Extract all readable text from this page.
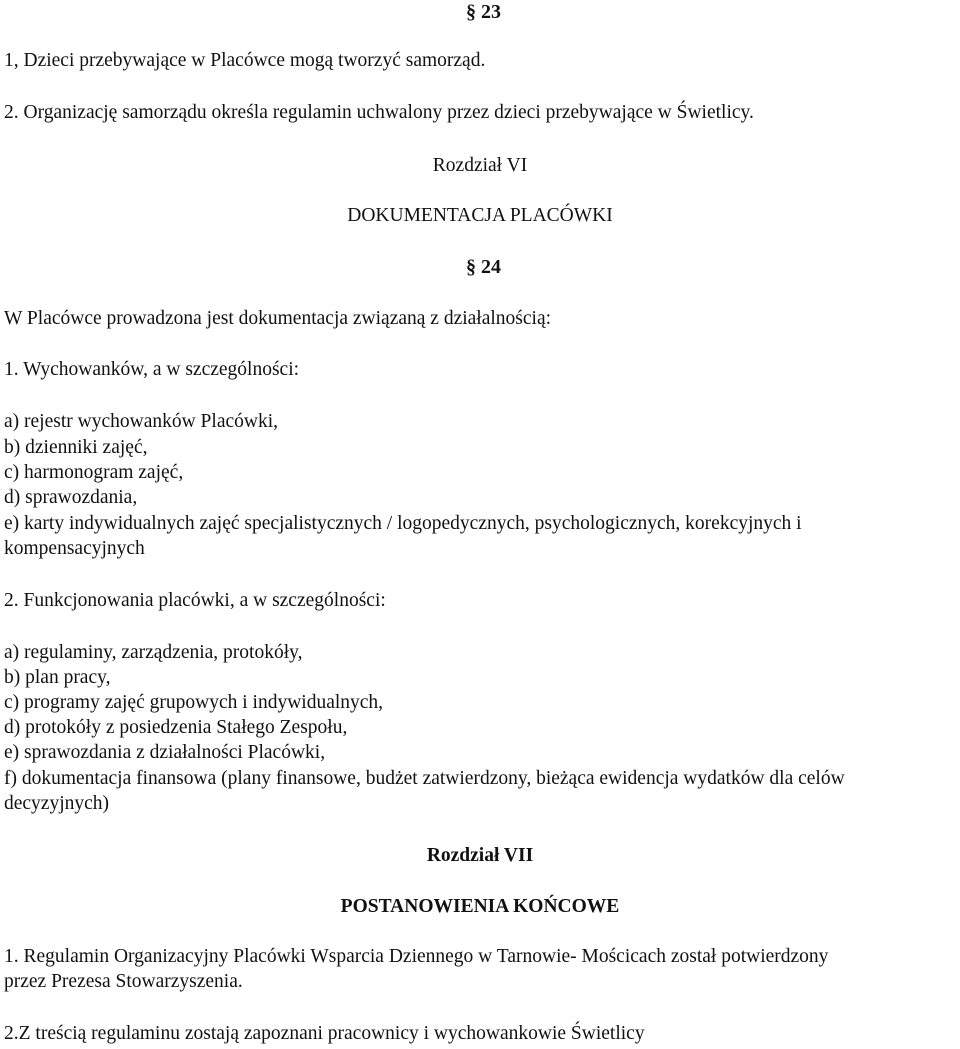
§ 23
1, Dzieci przebywające w Placówce mogą tworzyć samorząd.
2. Organizację samorządu określa regulamin uchwalony przez dzieci przebywające w Świetlicy.
Rozdział VI
DOKUMENTACJA PLACÓWKI
§ 24
W Placówce prowadzona jest dokumentacja związaną z działalnością:
1. Wychowanków, a w szczególności:
a) rejestr wychowanków Placówki,
b) dzienniki zajęć,
c) harmonogram zajęć,
d) sprawozdania,
e) karty indywidualnych zajęć specjalistycznych / logopedycznych, psychologicznych, korekcyjnych i
kompensacyjnych
2. Funkcjonowania placówki, a w szczególności:
a) regulaminy, zarządzenia, protokóły,
b) plan pracy,
c) programy zajęć grupowych i indywidualnych,
d) protokóły z posiedzenia Stałego Zespołu,
e) sprawozdania z działalności Placówki,
f) dokumentacja finansowa (plany finansowe, budżet zatwierdzony, bieżąca ewidencja wydatków dla celów
decyzyjnych)
Rozdział VII
POSTANOWIENIA KOŃCOWE
1. Regulamin Organizacyjny Placówki Wsparcia Dziennego w Tarnowie- Mościcach został potwierdzony
przez Prezesa Stowarzyszenia.
2.Z treścią regulaminu zostają zapoznani pracownicy i wychowankowie Świetlicy
